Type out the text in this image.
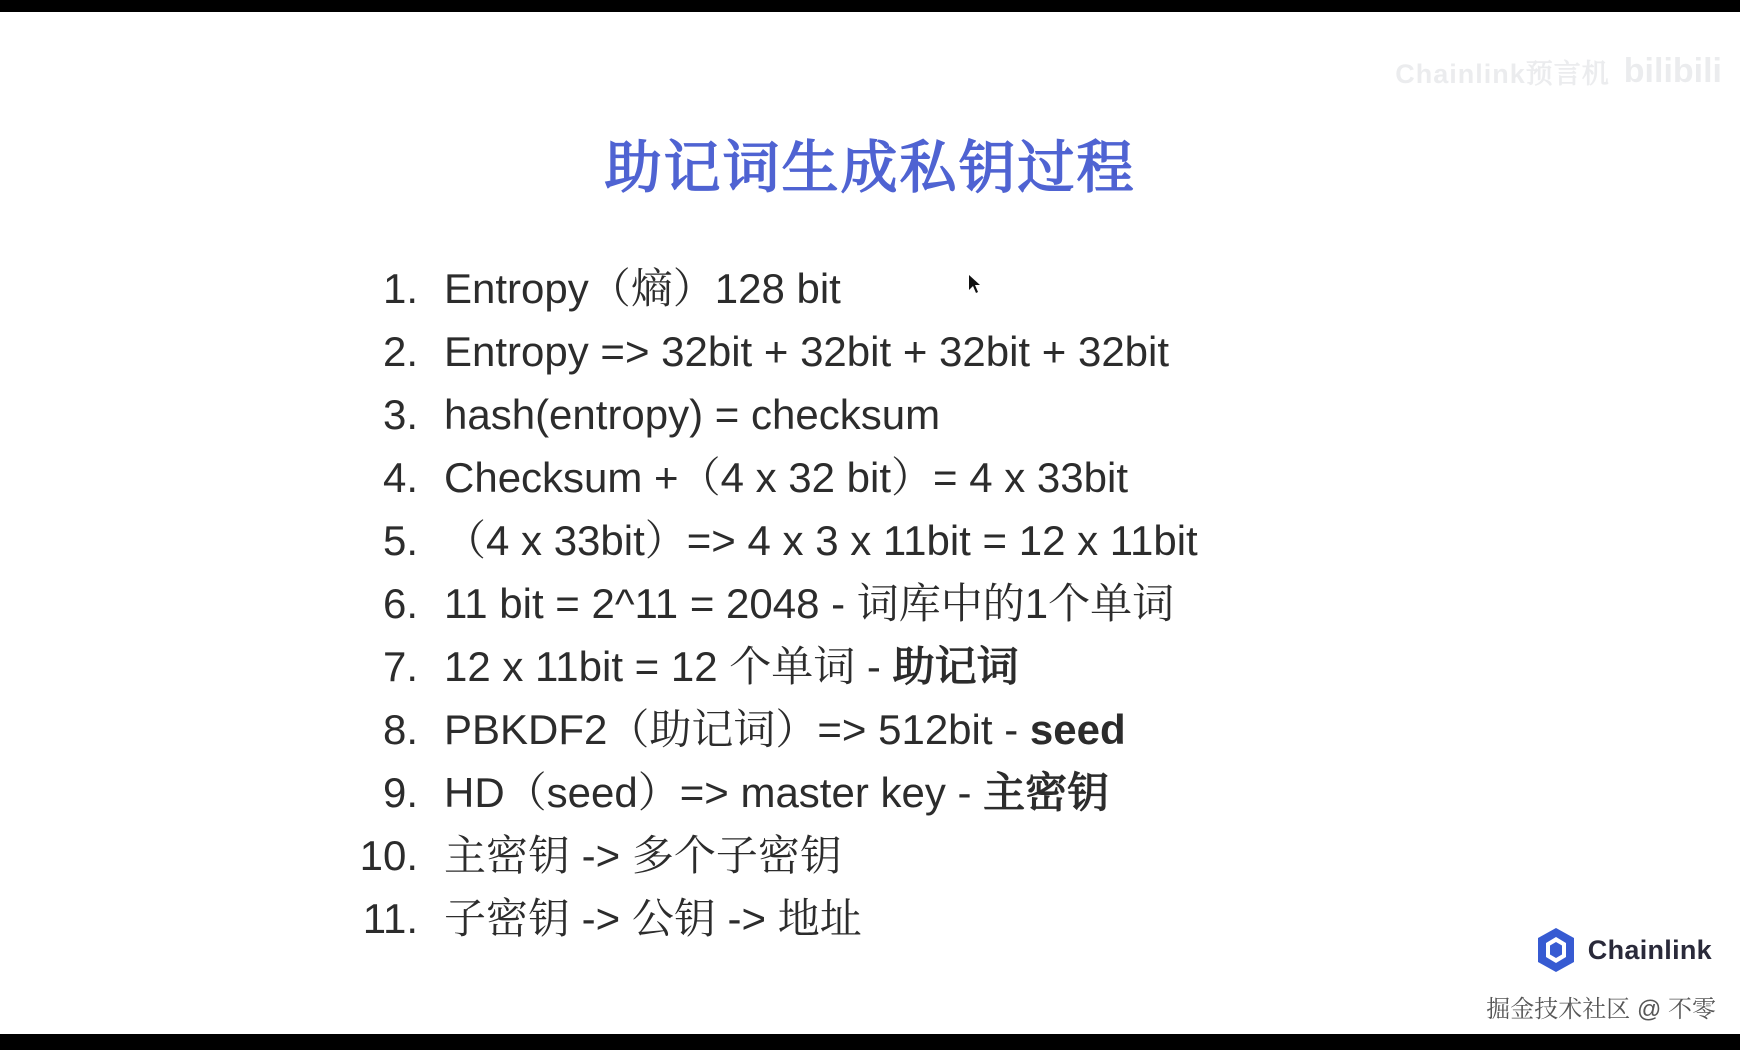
Chainlink预言机 bilibili
助记词生成私钥过程
1. Entropy（熵）128 bit
2. Entropy => 32bit + 32bit + 32bit + 32bit
3. hash(entropy) = checksum
4. Checksum +（4 x 32 bit）= 4 x 33bit
5. （4 x 33bit）=> 4 x 3 x 11bit = 12 x 11bit
6. 11 bit = 2^11 = 2048 - 词库中的1个单词
7. 12 x 11bit = 12 个单词 - 助记词
8. PBKDF2（助记词）=> 512bit - seed
9. HD（seed）=> master key - 主密钥
10. 主密钥 -> 多个子密钥
11. 子密钥 -> 公钥 -> 地址
Chainlink
掘金技术社区 @ 不零
